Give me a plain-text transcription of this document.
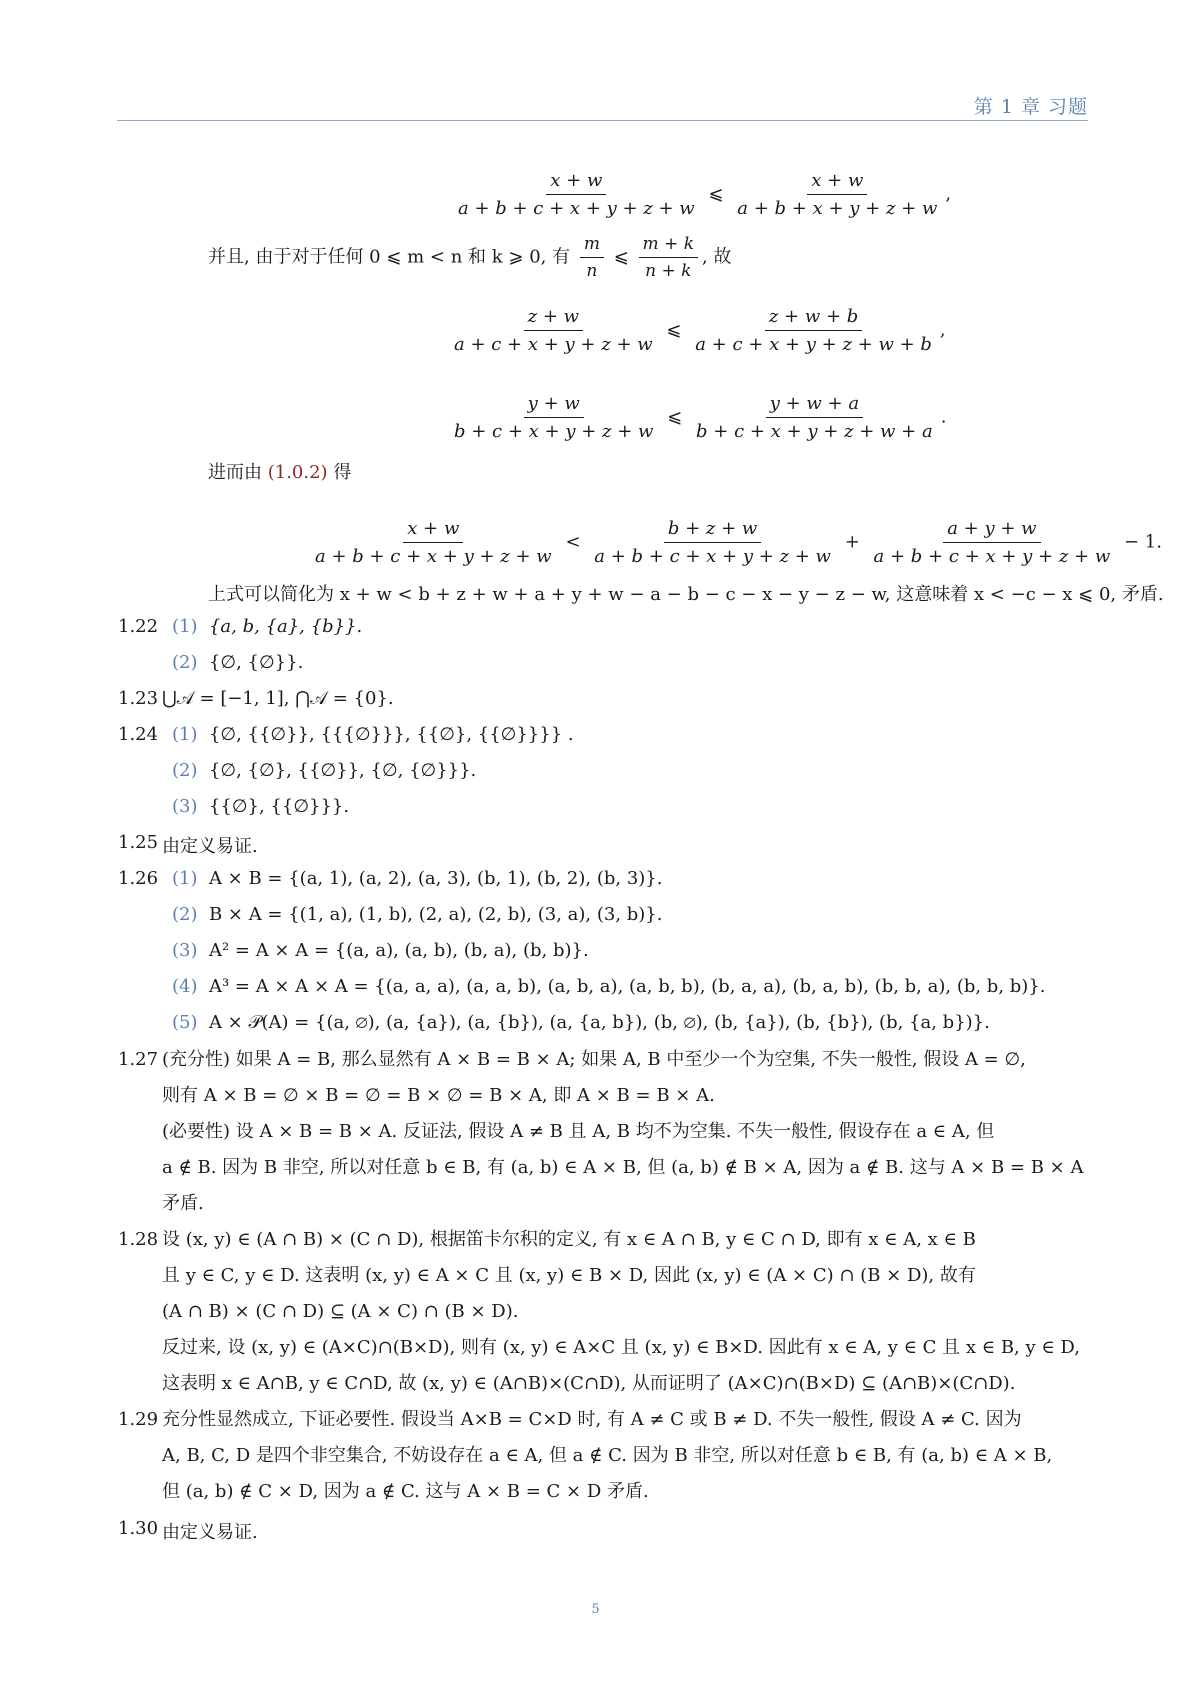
第 1 章 习题
$\frac{x + w}{a + b + c + x + y + z + w}$ ⩽ $\frac{x + w}{a + b + x + y + z + w}$ ,
并且, 由于对于任何 0 ⩽ m < n 和 k ⩾ 0, 有 $\frac{m}{n}$ ⩽ $\frac{m + k}{n + k}$ , 故
$\frac{z + w}{a + c + x + y + z + w}$ ⩽ $\frac{z + w + b}{a + c + x + y + z + w + b}$ ,
$\frac{y + w}{b + c + x + y + z + w}$ ⩽ $\frac{y + w + a}{b + c + x + y + z + w + a}$ .
进而由 (1.0.2) 得
$\frac{x + w}{a + b + c + x + y + z + w} < \frac{b + z + w}{a + b + c + x + y + z + w} + \frac{a + y + w}{a + b + c + x + y + z + w} - 1$.
上式可以简化为 x + w < b + z + w + a + y + w − a − b − c − x − y − z − w, 这意味着 x < −c − x ⩽ 0, 矛盾.
1.22 (1) {a, b, {a}, {b}}.
(2) {∅, {∅}}.
1.23 ⋃𝒜 = [−1, 1], ⋂𝒜 = {0}.
1.24 (1) {∅, {{∅}}, {{{∅}}}, {{∅}, {{∅}}}} .
(2) {∅, {∅}, {{∅}}, {∅, {∅}}}.
(3) {{∅}, {{∅}}}.
1.25 由定义易证.
1.26 (1) A × B = {(a, 1), (a, 2), (a, 3), (b, 1), (b, 2), (b, 3)}.
(2) B × A = {(1, a), (1, b), (2, a), (2, b), (3, a), (3, b)}.
(3) A² = A × A = {(a, a), (a, b), (b, a), (b, b)}.
(4) A³ = A × A × A = {(a, a, a), (a, a, b), (a, b, a), (a, b, b), (b, a, a), (b, a, b), (b, b, a), (b, b, b)}.
(5) A × 𝒫(A) = {(a, ∅), (a, {a}), (a, {b}), (a, {a, b}), (b, ∅), (b, {a}), (b, {b}), (b, {a, b})}.
1.27 (充分性) 如果 A = B, 那么显然有 A × B = B × A; 如果 A, B 中至少一个为空集, 不失一般性, 假设 A = ∅,
则有 A × B = ∅ × B = ∅ = B × ∅ = B × A, 即 A × B = B × A.
(必要性) 设 A × B = B × A. 反证法, 假设 A ≠ B 且 A, B 均不为空集. 不失一般性, 假设存在 a ∈ A, 但
a ∉ B. 因为 B 非空, 所以对任意 b ∈ B, 有 (a, b) ∈ A × B, 但 (a, b) ∉ B × A, 因为 a ∉ B. 这与 A × B = B × A
矛盾.
1.28 设 (x, y) ∈ (A ∩ B) × (C ∩ D), 根据笛卡尔积的定义, 有 x ∈ A ∩ B, y ∈ C ∩ D, 即有 x ∈ A, x ∈ B
且 y ∈ C, y ∈ D. 这表明 (x, y) ∈ A × C 且 (x, y) ∈ B × D, 因此 (x, y) ∈ (A × C) ∩ (B × D), 故有
(A ∩ B) × (C ∩ D) ⊆ (A × C) ∩ (B × D).
反过来, 设 (x, y) ∈ (A×C)∩(B×D), 则有 (x, y) ∈ A×C 且 (x, y) ∈ B×D. 因此有 x ∈ A, y ∈ C 且 x ∈ B, y ∈ D,
这表明 x ∈ A∩B, y ∈ C∩D, 故 (x, y) ∈ (A∩B)×(C∩D), 从而证明了 (A×C)∩(B×D) ⊆ (A∩B)×(C∩D).
1.29 充分性显然成立, 下证必要性. 假设当 A×B = C×D 时, 有 A ≠ C 或 B ≠ D. 不失一般性, 假设 A ≠ C. 因为
A, B, C, D 是四个非空集合, 不妨设存在 a ∈ A, 但 a ∉ C. 因为 B 非空, 所以对任意 b ∈ B, 有 (a, b) ∈ A × B,
但 (a, b) ∉ C × D, 因为 a ∉ C. 这与 A × B = C × D 矛盾.
1.30 由定义易证.
5
